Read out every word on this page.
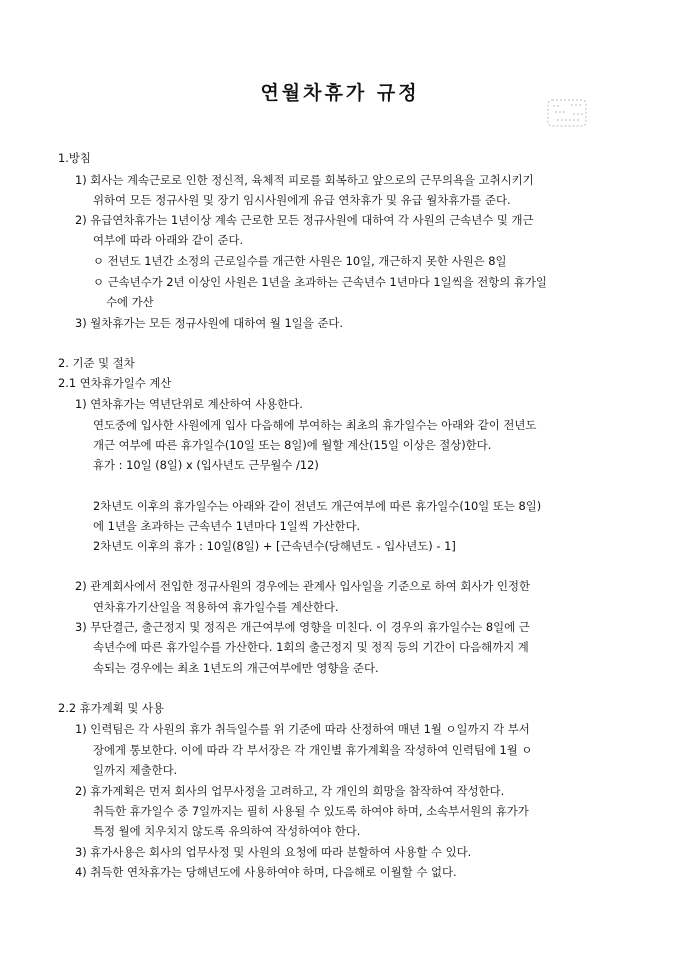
연월차휴가 규정
1.방침
1) 회사는 계속근로로 인한 정신적, 육체적 피로를 회복하고 앞으로의 근무의욕을 고취시키기
위하여 모든 정규사원 및 장기 임시사원에게 유급 연차휴가 및 유급 월차휴가를 준다.
2) 유급연차휴가는 1년이상 계속 근로한 모든 정규사원에 대하여 각 사원의 근속년수 및 개근
여부에 따라 아래와 같이 준다.
ㅇ 전년도 1년간 소정의 근로일수를 개근한 사원은 10일, 개근하지 못한 사원은 8일
ㅇ 근속년수가 2년 이상인 사원은 1년을 초과하는 근속년수 1년마다 1일씩을 전항의 휴가일
수에 가산
3) 월차휴가는 모든 정규사원에 대하여 월 1일을 준다.
2. 기준 및 절차
2.1 연차휴가일수 계산
1) 연차휴가는 역년단위로 계산하여 사용한다.
연도중에 입사한 사원에게 입사 다음해에 부여하는 최초의 휴가일수는 아래와 같이 전년도
개근 여부에 따른 휴가일수(10일 또는 8일)에 월할 계산(15일 이상은 절상)한다.
휴가 : 10일 (8일) x (입사년도 근무월수 /12)
2차년도 이후의 휴가일수는 아래와 같이 전년도 개근여부에 따른 휴가일수(10일 또는 8일)
에 1년을 초과하는 근속년수 1년마다 1일씩 가산한다.
2차년도 이후의 휴가 : 10일(8일) + [근속년수(당해년도 - 입사년도) - 1]
2) 관계회사에서 전입한 정규사원의 경우에는 관계사 입사일을 기준으로 하여 회사가 인정한
연차휴가기산일을 적용하여 휴가일수를 계산한다.
3) 무단결근, 출근정지 및 정직은 개근여부에 영향을 미친다. 이 경우의 휴가일수는 8일에 근
속년수에 따른 휴가일수를 가산한다. 1회의 출근정지 및 정직 등의 기간이 다음해까지 계
속되는 경우에는 최초 1년도의 개근여부에만 영향을 준다.
2.2 휴가계획 및 사용
1) 인력팀은 각 사원의 휴가 취득일수를 위 기준에 따라 산정하여 매년 1월 ㅇ일까지 각 부서
장에게 통보한다. 이에 따라 각 부서장은 각 개인별 휴가계획을 작성하여 인력팀에 1월 ㅇ
일까지 제출한다.
2) 휴가계획은 먼저 회사의 업무사정을 고려하고, 각 개인의 희망을 참작하여 작성한다.
취득한 휴가일수 중 7일까지는 필히 사용될 수 있도록 하여야 하며, 소속부서원의 휴가가
특정 월에 치우치지 않도록 유의하여 작성하여야 한다.
3) 휴가사용은 회사의 업무사정 및 사원의 요청에 따라 분할하여 사용할 수 있다.
4) 취득한 연차휴가는 당해년도에 사용하여야 하며, 다음해로 이월할 수 없다.
